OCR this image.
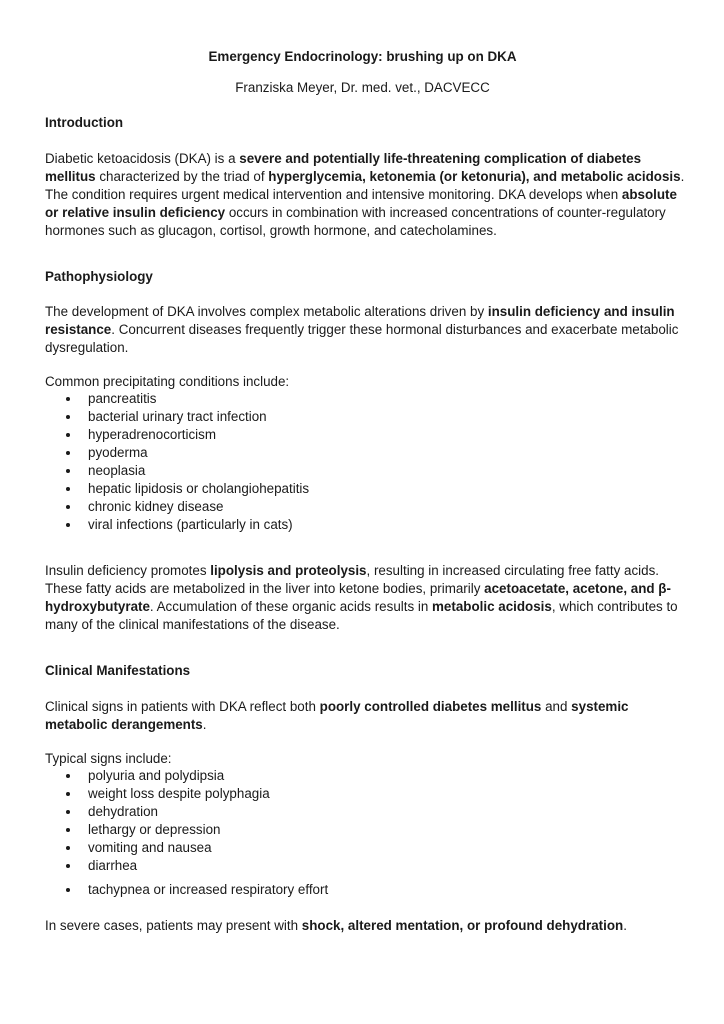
Emergency Endocrinology: brushing up on DKA
Franziska Meyer, Dr. med. vet., DACVECC
Introduction

Diabetic ketoacidosis (DKA) is a severe and potentially life-threatening complication of diabetes mellitus characterized by the triad of hyperglycemia, ketonemia (or ketonuria), and metabolic acidosis. The condition requires urgent medical intervention and intensive monitoring. DKA develops when absolute or relative insulin deficiency occurs in combination with increased concentrations of counter-regulatory hormones such as glucagon, cortisol, growth hormone, and catecholamines.

Pathophysiology

The development of DKA involves complex metabolic alterations driven by insulin deficiency and insulin resistance. Concurrent diseases frequently trigger these hormonal disturbances and exacerbate metabolic dysregulation.

Common precipitating conditions include:

pancreatitis
bacterial urinary tract infection
hyperadrenocorticism
pyoderma
neoplasia
hepatic lipidosis or cholangiohepatitis
chronic kidney disease
viral infections (particularly in cats)

Insulin deficiency promotes lipolysis and proteolysis, resulting in increased circulating free fatty acids. These fatty acids are metabolized in the liver into ketone bodies, primarily acetoacetate, acetone, and β-hydroxybutyrate. Accumulation of these organic acids results in metabolic acidosis, which contributes to many of the clinical manifestations of the disease.

Clinical Manifestations

Clinical signs in patients with DKA reflect both poorly controlled diabetes mellitus and systemic metabolic derangements.

Typical signs include:

polyuria and polydipsia
weight loss despite polyphagia
dehydration
lethargy or depression
vomiting and nausea
diarrhea
tachypnea or increased respiratory effort

In severe cases, patients may present with shock, altered mentation, or profound dehydration.
